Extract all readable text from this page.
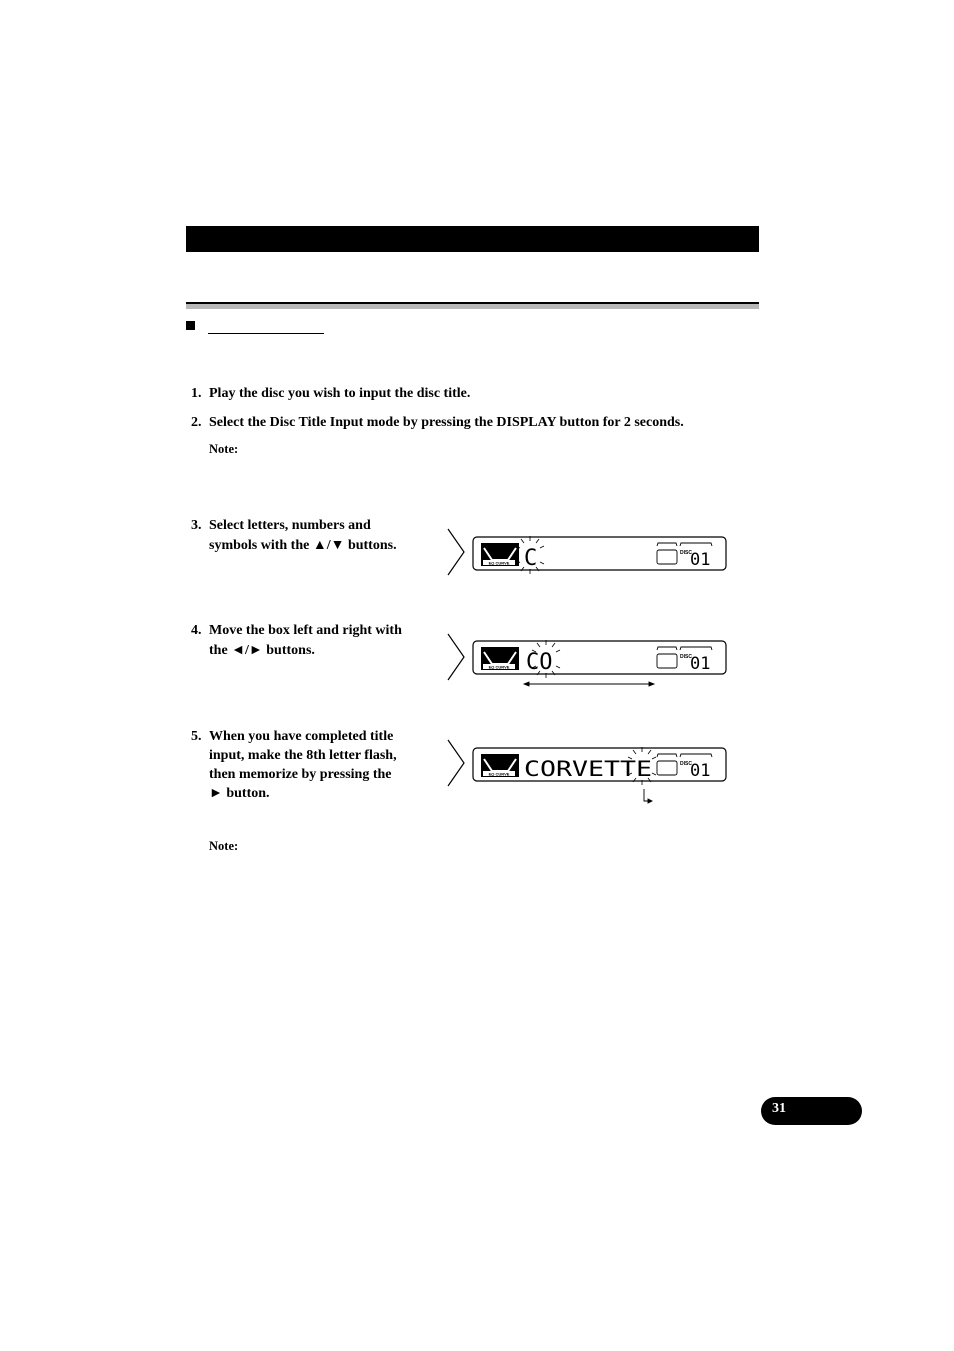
1. Play the disc you wish to input the disc title.
2. Select the Disc Title Input mode by pressing the DISPLAY button for 2 seconds.
Note:
3. Select letters, numbers and
symbols with the ▲/▼ buttons.
4. Move the box left and right with
the ◄/► buttons.
5. When you have completed title
input, make the 8th letter flash,
then memorize by pressing the
► button.
Note:
EQ CURVE C	DISC
01
EQ CURVE CO	DISC
01
EQ CURVE CORVETTE	DISC
01
31
